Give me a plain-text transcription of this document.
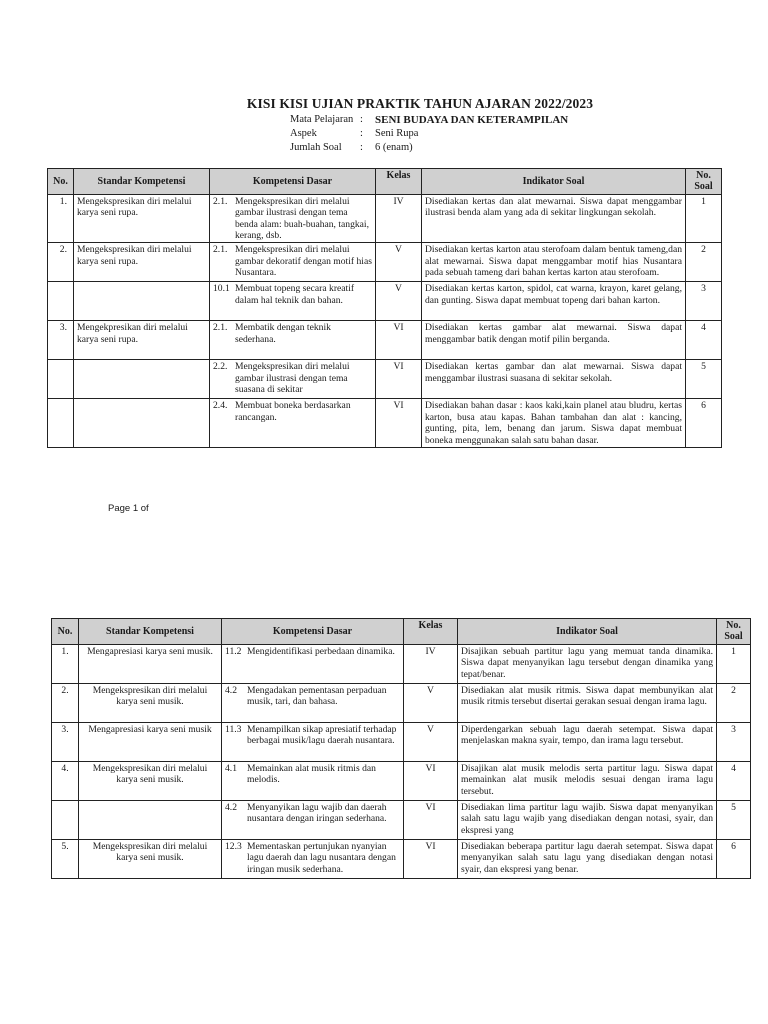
KISI KISI UJIAN PRAKTIK TAHUN AJARAN 2022/2023
Mata Pelajaran :	SENI BUDAYA DAN KETERAMPILAN
Aspek	:	Seni Rupa
Jumlah Soal	:	6 (enam)
No.	Standar Kompetensi	Kompetensi Dasar	Kelas	Indikator Soal	No. Soal
1.	Mengekspresikan diri melalui karya seni rupa.	2.1. Mengekspresikan diri melalui gambar ilustrasi dengan tema benda alam: buah-buahan, tangkai, kerang, dsb.	IV	Disediakan kertas dan alat mewarnai. Siswa dapat menggambar ilustrasi benda alam yang ada di sekitar lingkungan sekolah.	1
2.	Mengekspresikan diri melalui karya seni rupa.	2.1. Mengekspresikan diri melalui gambar dekoratif dengan motif hias Nusantara.	V	Disediakan kertas karton atau sterofoam dalam bentuk tameng,dan alat mewarnai. Siswa dapat menggambar motif hias Nusantara pada sebuah tameng dari bahan kertas karton atau sterofoam.	2

		10.1 Membuat topeng secara kreatif dalam hal teknik dan bahan.	V	Disediakan kertas karton, spidol, cat warna, krayon, karet gelang, dan gunting. Siswa dapat membuat topeng dari bahan karton.	3
3.	Mengekpresikan diri melalui karya seni rupa.	2.1. Membatik dengan teknik sederhana.	VI	Disediakan kertas gambar alat mewarnai. Siswa dapat menggambar batik dengan motif pilin berganda.	4

		2.2. Mengekspresikan diri melalui gambar ilustrasi dengan tema suasana di sekitar	VI	Disediakan kertas gambar dan alat mewarnai. Siswa dapat menggambar ilustrasi suasana di sekitar sekolah.	5

		2.4. Membuat boneka berdasarkan rancangan.	VI	Disediakan bahan dasar : kaos kaki,kain planel atau bludru, kertas karton, busa atau kapas. Bahan tambahan dan alat : kancing, gunting, pita, lem, benang dan jarum. Siswa dapat membuat boneka menggunakan salah satu bahan dasar.	6
Page 1 of
No.	Standar Kompetensi	Kompetensi Dasar	Kelas	Indikator Soal	No. Soal
1.	Mengapresiasi karya seni musik.	11.2 Mengidentifikasi perbedaan dinamika.	IV	Disajikan sebuah partitur lagu yang memuat tanda dinamika. Siswa dapat menyanyikan lagu tersebut dengan dinamika yang tepat/benar.	1
2.	Mengekspresikan diri melalui karya seni musik.	4.2 Mengadakan pementasan perpaduan musik, tari, dan bahasa.	V	Disediakan alat musik ritmis. Siswa dapat membunyikan alat musik ritmis tersebut disertai gerakan sesuai dengan irama lagu.	2
3.	Mengapresiasi karya seni musik	11.3 Menampilkan sikap apresiatif terhadap berbagai musik/lagu daerah nusantara.	V	Diperdengarkan sebuah lagu daerah setempat. Siswa dapat menjelaskan makna syair, tempo, dan irama lagu tersebut.	3
4.	Mengekspresikan diri melalui karya seni musik.	4.1 Memainkan alat musik ritmis dan melodis.	VI	Disajikan alat musik melodis serta partitur lagu. Siswa dapat memainkan alat musik melodis sesuai dengan irama lagu tersebut.	4

		4.2 Menyanyikan lagu wajib dan daerah nusantara dengan iringan sederhana.	VI	Disediakan lima partitur lagu wajib. Siswa dapat menyanyikan salah satu lagu wajib yang disediakan dengan notasi, syair, dan ekspresi yang	5
5.	Mengekspresikan diri melalui karya seni musik.	12.3 Mementaskan pertunjukan nyanyian lagu daerah dan lagu nusantara dengan iringan musik sederhana.	VI	Disediakan beberapa partitur lagu daerah setempat. Siswa dapat menyanyikan salah satu lagu yang disediakan dengan notasi syair, dan ekspresi yang benar.	6
